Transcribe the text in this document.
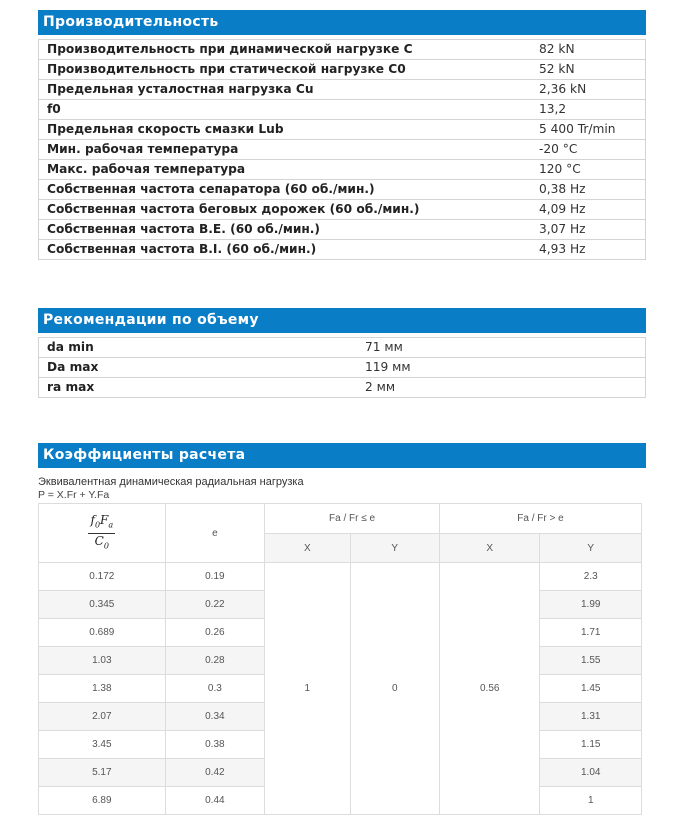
Производительность
Производительность при динамической нагрузке C	82 kN
Производительность при статической нагрузке C0	52 kN
Предельная усталостная нагрузка Cu	2,36 kN
f0	13,2
Предельная скорость смазки Lub	5 400 Tr/min
Мин. рабочая температура	-20 °C
Макс. рабочая температура	120 °C
Собственная частота сепаратора (60 об./мин.)	0,38 Hz
Собственная частота беговых дорожек (60 об./мин.)	4,09 Hz
Собственная частота B.E. (60 об./мин.)	3,07 Hz
Собственная частота B.I. (60 об./мин.)	4,93 Hz
Рекомендации по объему
da min	71 мм
Da max	119 мм
ra max	2 мм
Коэффициенты расчета
Эквивалентная динамическая радиальная нагрузка
P = X.Fr + Y.Fa
$\frac{f_0F_a}{C_0}$	e	Fa / Fr ≤ e		Fa / Fr > e	
		X	Y	X	Y
0.172	0.19	1	0	0.56	2.3
0.345	0.22				1.99
0.689	0.26				1.71
1.03	0.28				1.55
1.38	0.3				1.45
2.07	0.34				1.31
3.45	0.38				1.15
5.17	0.42				1.04
6.89	0.44				1
